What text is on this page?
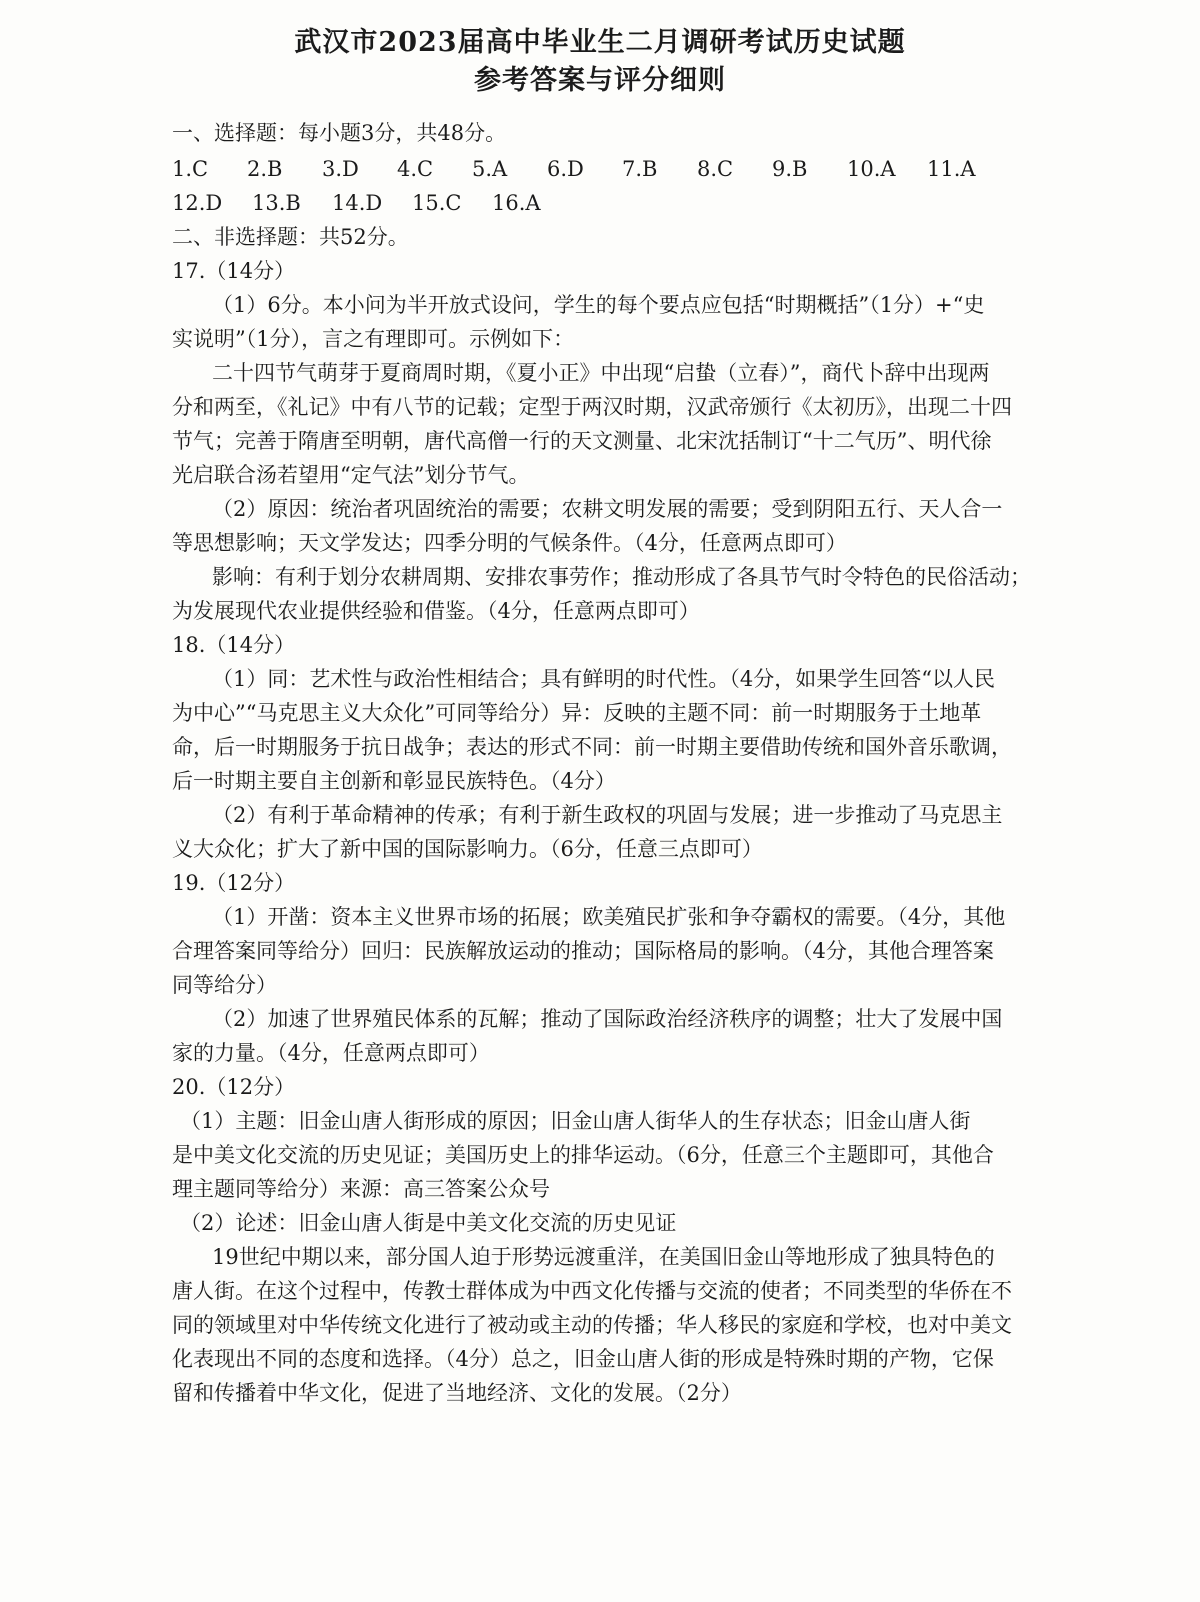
武汉市2023届高中毕业生二月调研考试历史试题
参考答案与评分细则
一、选择题：每小题3分，共48分。
1.C	2.B	3.D	4.C	5.A	6.D	7.B	8.C	9.B	10.A	11.A
12.D	13.B	14.D	15.C	16.A
二、非选择题：共52分。
17.（14分）
（1）6分。本小问为半开放式设问，学生的每个要点应包括“时期概括”（1分）+“史
实说明”（1分），言之有理即可。示例如下：
二十四节气萌芽于夏商周时期，《夏小正》中出现“启蛰（立春）”，商代卜辞中出现两
分和两至，《礼记》中有八节的记载；定型于两汉时期，汉武帝颁行《太初历》，出现二十四
节气；完善于隋唐至明朝，唐代高僧一行的天文测量、北宋沈括制订“十二气历”、明代徐
光启联合汤若望用“定气法”划分节气。
（2）原因：统治者巩固统治的需要；农耕文明发展的需要；受到阴阳五行、天人合一
等思想影响；天文学发达；四季分明的气候条件。（4分，任意两点即可）
影响：有利于划分农耕周期、安排农事劳作；推动形成了各具节气时令特色的民俗活动；
为发展现代农业提供经验和借鉴。（4分，任意两点即可）
18.（14分）
（1）同：艺术性与政治性相结合；具有鲜明的时代性。（4分，如果学生回答“以人民
为中心”“马克思主义大众化”可同等给分）异：反映的主题不同：前一时期服务于土地革
命，后一时期服务于抗日战争；表达的形式不同：前一时期主要借助传统和国外音乐歌调，
后一时期主要自主创新和彰显民族特色。（4分）
（2）有利于革命精神的传承；有利于新生政权的巩固与发展；进一步推动了马克思主
义大众化；扩大了新中国的国际影响力。（6分，任意三点即可）
19.（12分）
（1）开凿：资本主义世界市场的拓展；欧美殖民扩张和争夺霸权的需要。（4分，其他
合理答案同等给分）回归：民族解放运动的推动；国际格局的影响。（4分，其他合理答案
同等给分）
（2）加速了世界殖民体系的瓦解；推动了国际政治经济秩序的调整；壮大了发展中国
家的力量。（4分，任意两点即可）
20.（12分）
（1）主题：旧金山唐人街形成的原因；旧金山唐人街华人的生存状态；旧金山唐人街
是中美文化交流的历史见证；美国历史上的排华运动。（6分，任意三个主题即可，其他合
理主题同等给分）来源：高三答案公众号
（2）论述：旧金山唐人街是中美文化交流的历史见证
19世纪中期以来，部分国人迫于形势远渡重洋，在美国旧金山等地形成了独具特色的
唐人街。在这个过程中，传教士群体成为中西文化传播与交流的使者；不同类型的华侨在不
同的领域里对中华传统文化进行了被动或主动的传播；华人移民的家庭和学校，也对中美文
化表现出不同的态度和选择。（4分）总之，旧金山唐人街的形成是特殊时期的产物，它保
留和传播着中华文化，促进了当地经济、文化的发展。（2分）
